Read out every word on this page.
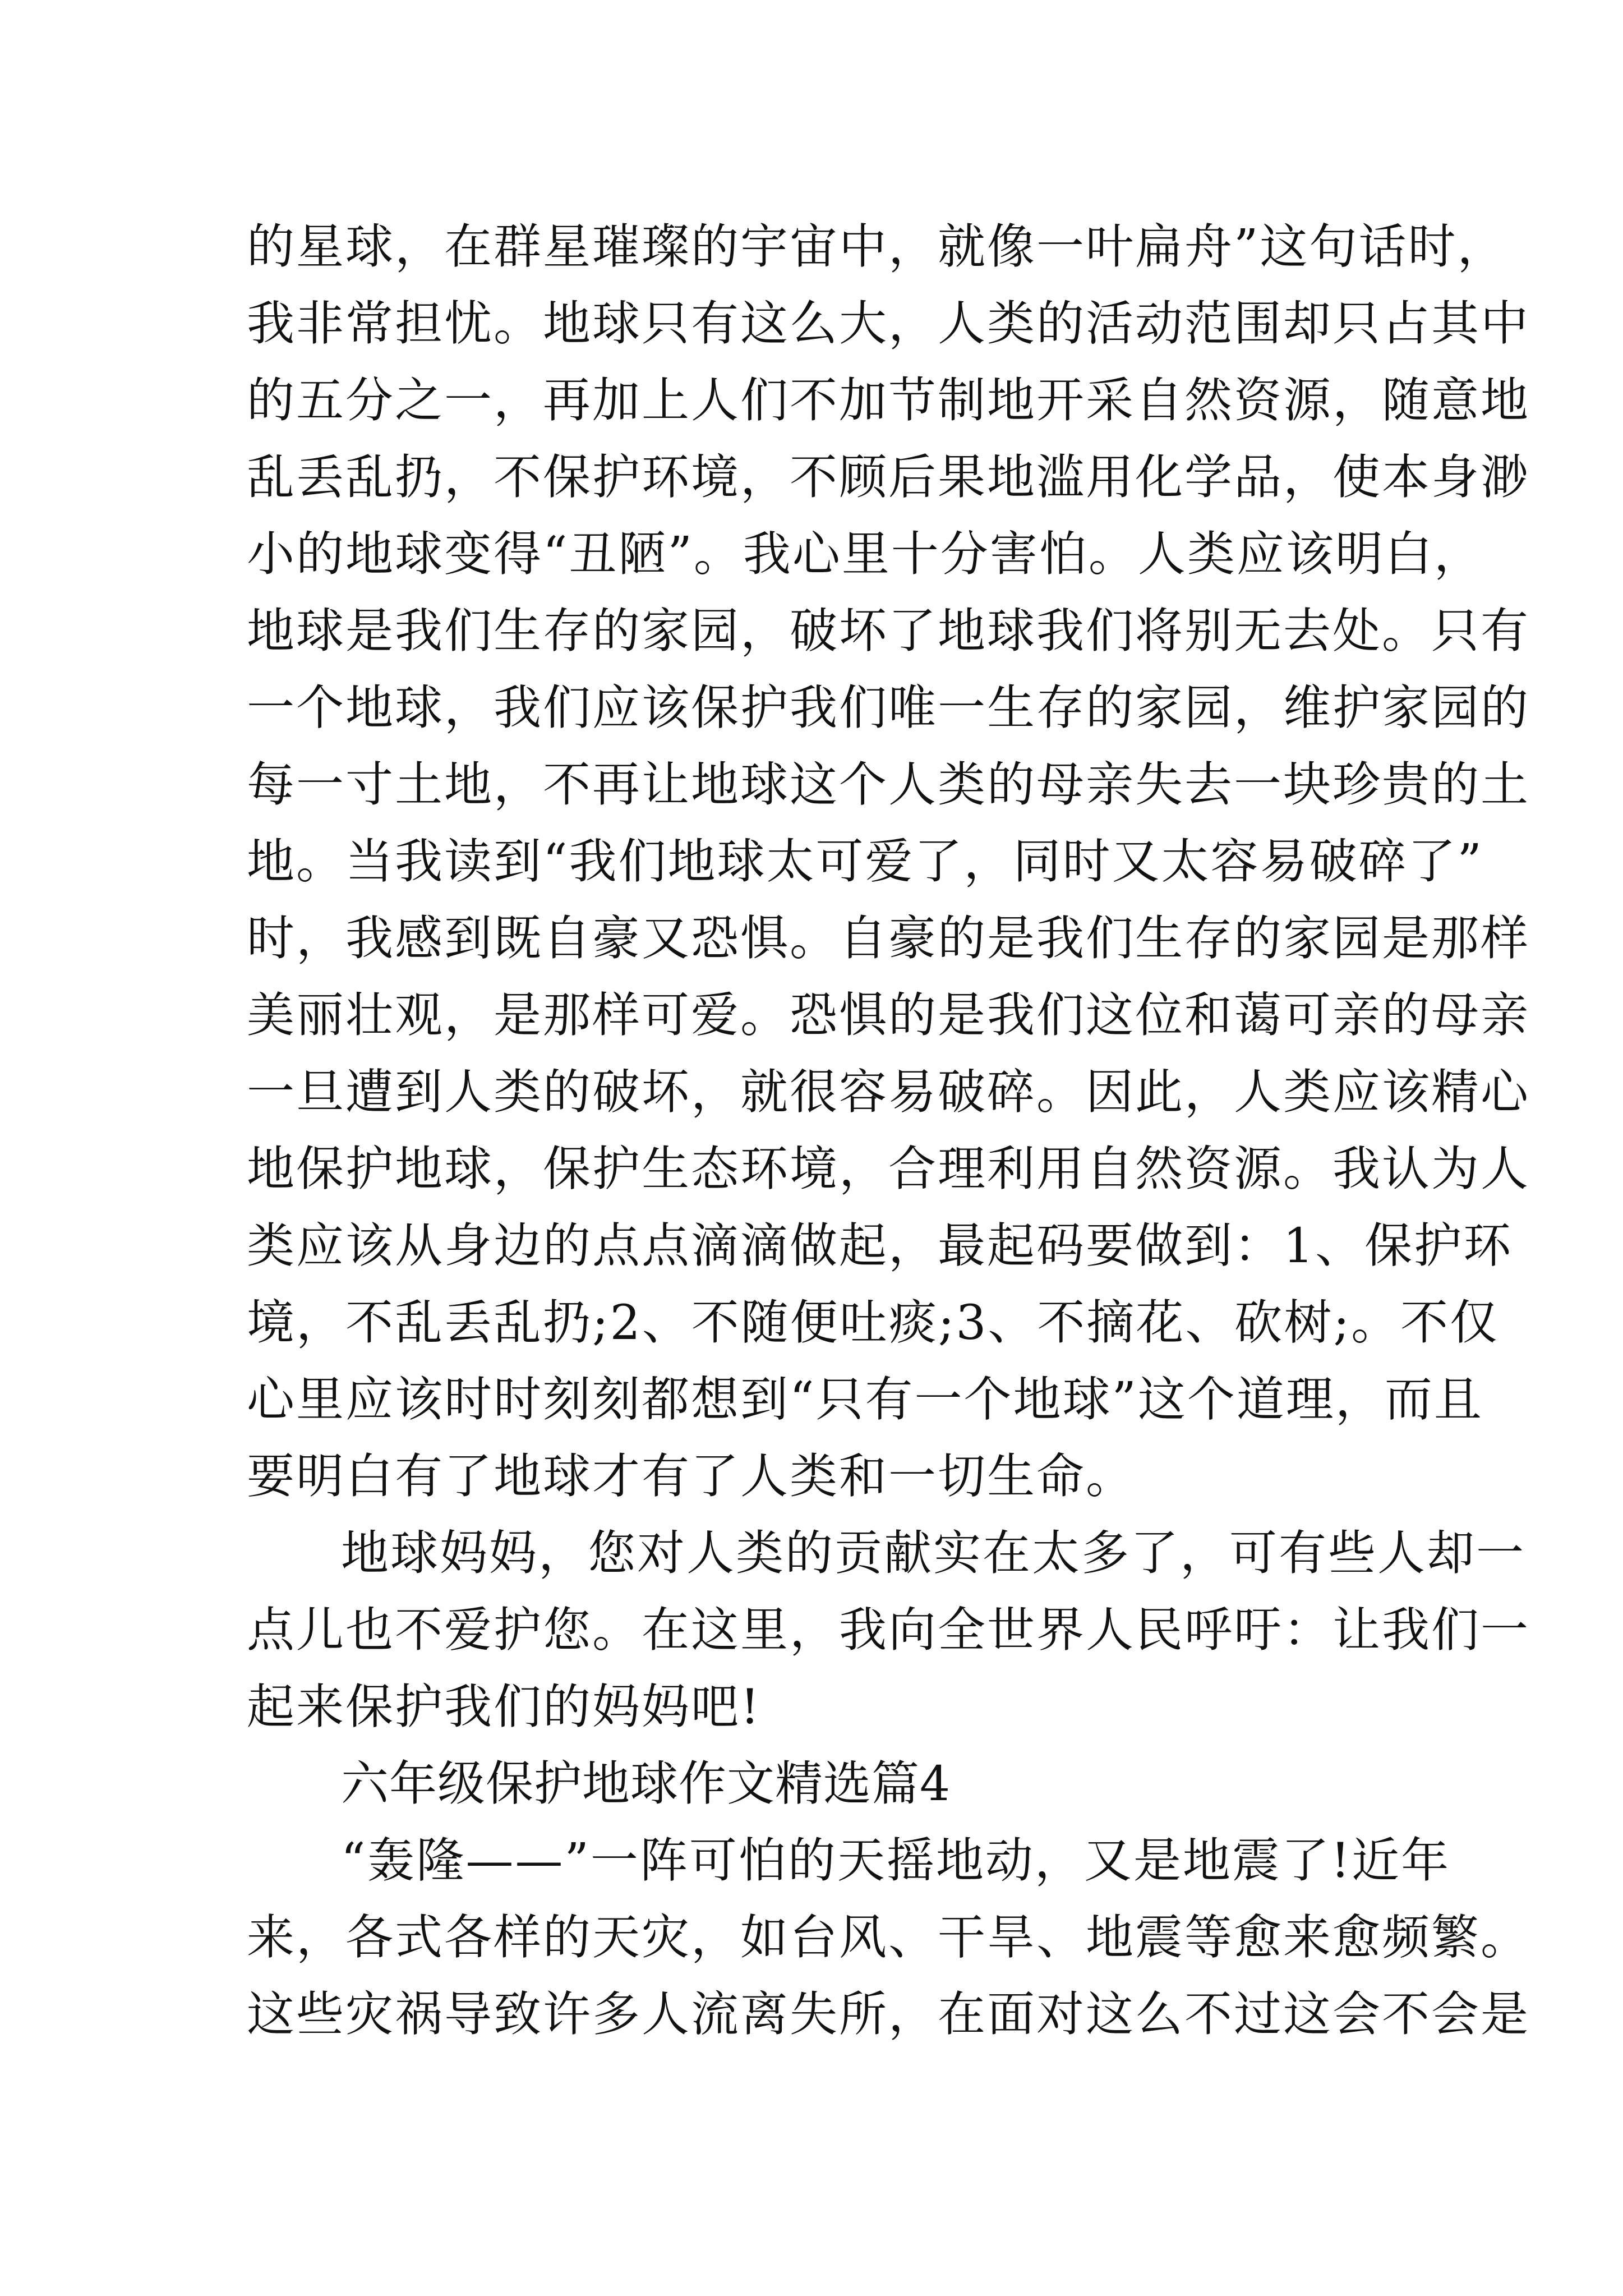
的星球，在群星璀璨的宇宙中，就像一叶扁舟”这句话时，
我非常担忧。地球只有这么大，人类的活动范围却只占其中
的五分之一，再加上人们不加节制地开采自然资源，随意地
乱丢乱扔，不保护环境，不顾后果地滥用化学品，使本身渺
小的地球变得“丑陋”。我心里十分害怕。人类应该明白，
地球是我们生存的家园，破坏了地球我们将别无去处。只有
一个地球，我们应该保护我们唯一生存的家园，维护家园的
每一寸土地，不再让地球这个人类的母亲失去一块珍贵的土
地。当我读到“我们地球太可爱了，同时又太容易破碎了”
时，我感到既自豪又恐惧。自豪的是我们生存的家园是那样
美丽壮观，是那样可爱。恐惧的是我们这位和蔼可亲的母亲
一旦遭到人类的破坏，就很容易破碎。因此，人类应该精心
地保护地球，保护生态环境，合理利用自然资源。我认为人
类应该从身边的点点滴滴做起，最起码要做到：1、保护环
境，不乱丢乱扔;2、不随便吐痰;3、不摘花、砍树;。不仅
心里应该时时刻刻都想到“只有一个地球”这个道理，而且
要明白有了地球才有了人类和一切生命。
地球妈妈，您对人类的贡献实在太多了，可有些人却一
点儿也不爱护您。在这里，我向全世界人民呼吁：让我们一
起来保护我们的妈妈吧!
六年级保护地球作文精选篇4
“轰隆——”一阵可怕的天摇地动，又是地震了!近年
来，各式各样的天灾，如台风、干旱、地震等愈来愈频繁。
这些灾祸导致许多人流离失所，在面对这么不过这会不会是
